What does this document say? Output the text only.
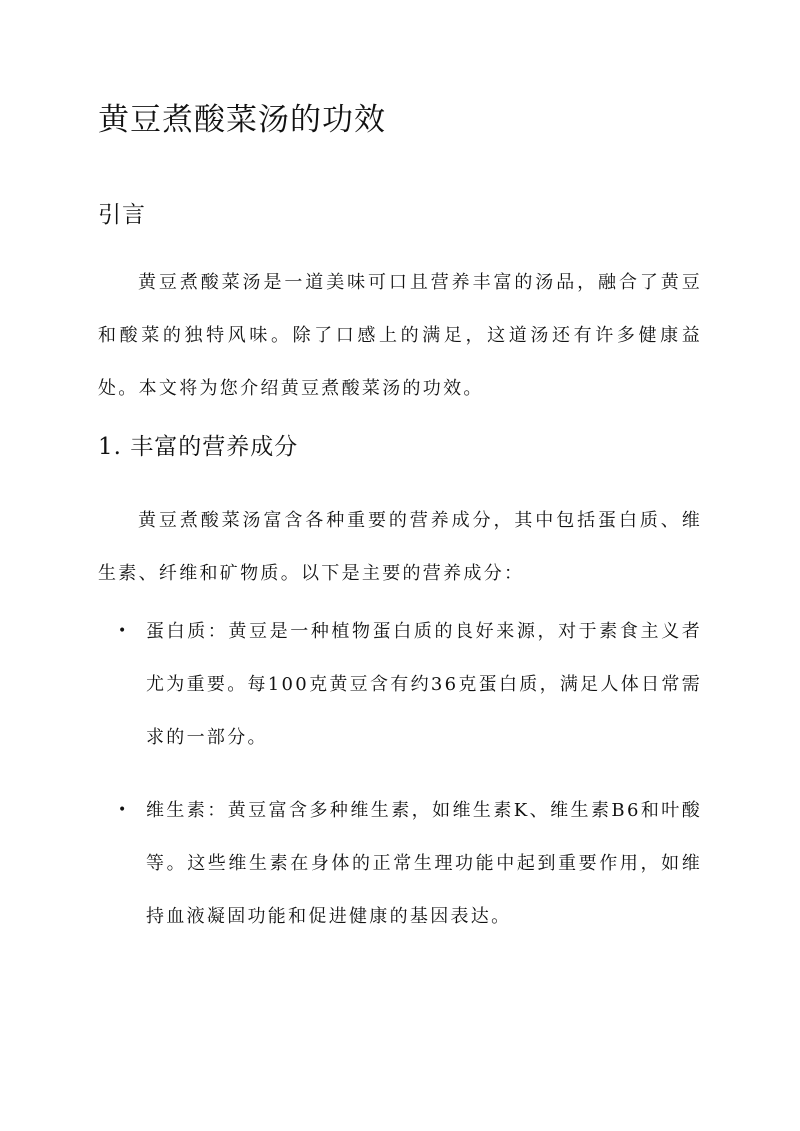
黄豆煮酸菜汤的功效
引言

黄豆煮酸菜汤是一道美味可口且营养丰富的汤品，融合了黄豆和酸菜的独特风味。除了口感上的满足，这道汤还有许多健康益处。本文将为您介绍黄豆煮酸菜汤的功效。

1. 丰富的营养成分

黄豆煮酸菜汤富含各种重要的营养成分，其中包括蛋白质、维生素、纤维和矿物质。以下是主要的营养成分：

• 蛋白质：黄豆是一种植物蛋白质的良好来源，对于素食主义者尤为重要。每100克黄豆含有约36克蛋白质，满足人体日常需求的一部分。
• 维生素：黄豆富含多种维生素，如维生素K、维生素B6和叶酸等。这些维生素在身体的正常生理功能中起到重要作用，如维持血液凝固功能和促进健康的基因表达。
